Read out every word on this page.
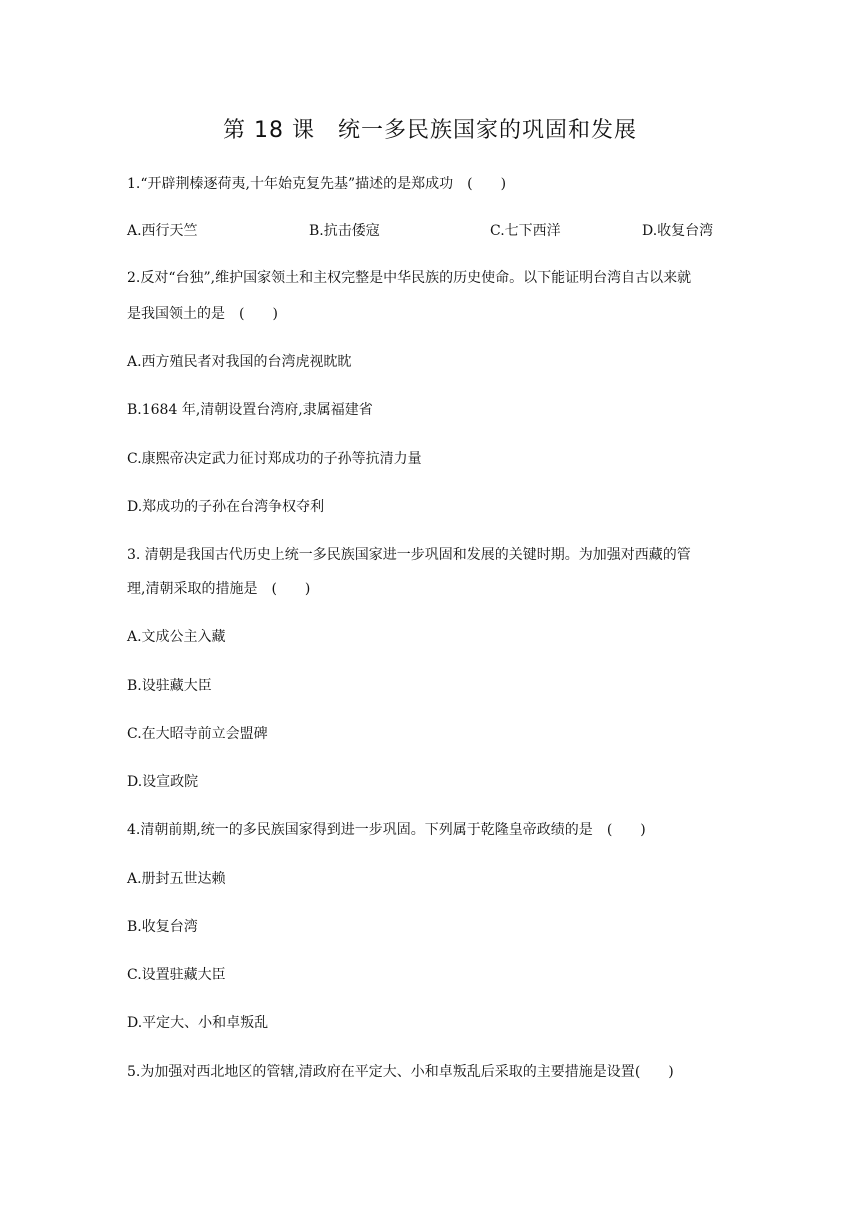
第 18 课　统一多民族国家的巩固和发展
1.“开辟荆榛逐荷夷,十年始克复先基”描述的是郑成功 (　　)
A.西行天竺	B.抗击倭寇	C.七下西洋	D.收复台湾
2.反对“台独”,维护国家领土和主权完整是中华民族的历史使命。以下能证明台湾自古以来就
是我国领土的是 (　　)
A.西方殖民者对我国的台湾虎视眈眈
B.1684 年,清朝设置台湾府,隶属福建省
C.康熙帝决定武力征讨郑成功的子孙等抗清力量
D.郑成功的子孙在台湾争权夺利
3. 清朝是我国古代历史上统一多民族国家进一步巩固和发展的关键时期。为加强对西藏的管
理,清朝采取的措施是 (　　)
A.文成公主入藏
B.设驻藏大臣
C.在大昭寺前立会盟碑
D.设宣政院
4.清朝前期,统一的多民族国家得到进一步巩固。下列属于乾隆皇帝政绩的是 (　　)
A.册封五世达赖
B.收复台湾
C.设置驻藏大臣
D.平定大、小和卓叛乱
5.为加强对西北地区的管辖,清政府在平定大、小和卓叛乱后采取的主要措施是设置(　　)
